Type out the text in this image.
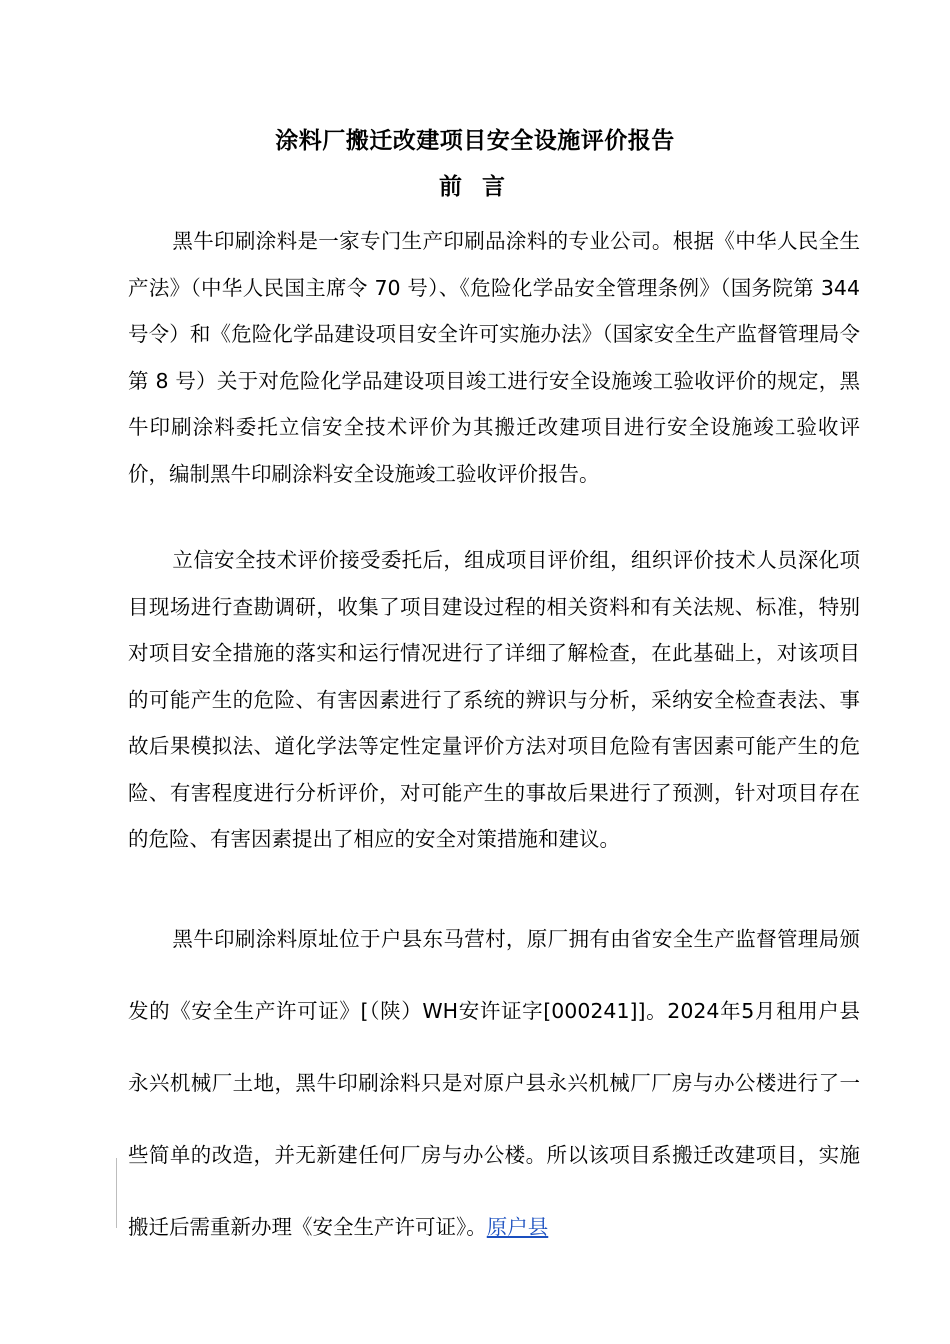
涂料厂搬迁改建项目安全设施评价报告
前 言

黑牛印刷涂料是一家专门生产印刷品涂料的专业公司。根据《中华人民全生产法》（中华人民国主席令 70 号）、《危险化学品安全管理条例》（国务院第 344 号令）和《危险化学品建设项目安全许可实施办法》（国家安全生产监督管理局令第 8 号）关于对危险化学品建设项目竣工进行安全设施竣工验收评价的规定，黑牛印刷涂料委托立信安全技术评价为其搬迁改建项目进行安全设施竣工验收评价，编制黑牛印刷涂料安全设施竣工验收评价报告。

立信安全技术评价接受委托后，组成项目评价组，组织评价技术人员深化项目现场进行查勘调研，收集了项目建设过程的相关资料和有关法规、标准，特别对项目安全措施的落实和运行情况进行了详细了解检查，在此基础上，对该项目的可能产生的危险、有害因素进行了系统的辨识与分析，采纳安全检查表法、事故后果模拟法、道化学法等定性定量评价方法对项目危险有害因素可能产生的危险、有害程度进行分析评价，对可能产生的事故后果进行了预测，针对项目存在的危险、有害因素提出了相应的安全对策措施和建议。

黑牛印刷涂料原址位于户县东马营村，原厂拥有由省安全生产监督管理局颁发的《安全生产许可证》[（陕）WH安许证字[000241]]。2024年5月租用户县永兴机械厂土地，黑牛印刷涂料只是对原户县永兴机械厂厂房与办公楼进行了一些简单的改造，并无新建任何厂房与办公楼。所以该项目系搬迁改建项目，实施搬迁后需重新办理《安全生产许可证》。原户县
